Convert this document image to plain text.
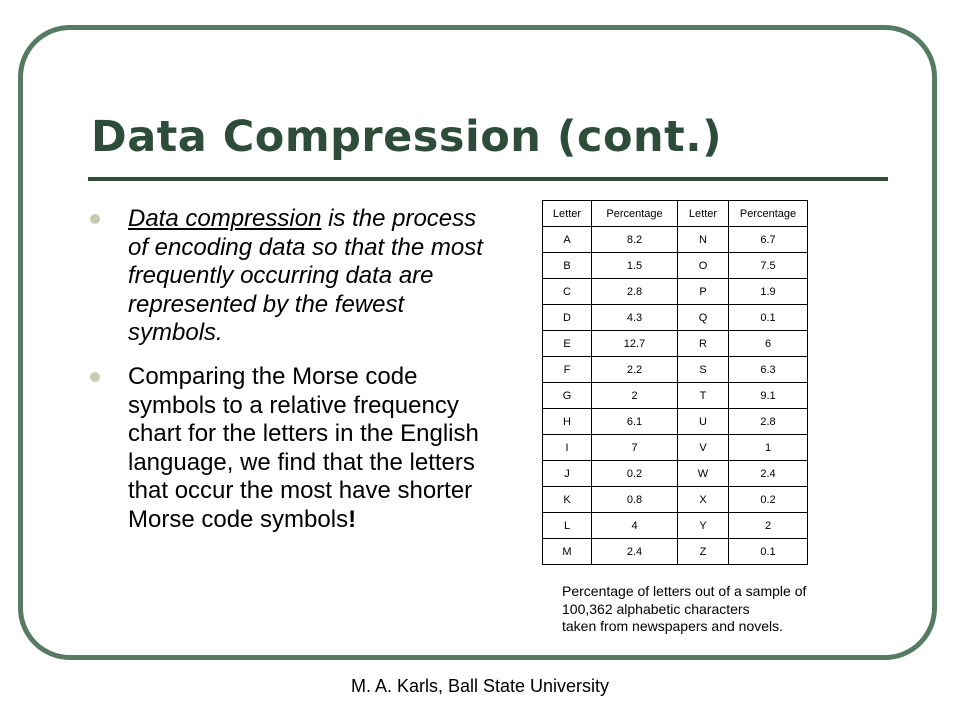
Data Compression (cont.)
Data compression is the process of encoding data so that the most frequently occurring data are represented by the fewest symbols.
Comparing the Morse code symbols to a relative frequency chart for the letters in the English language, we find that the letters that occur the most have shorter Morse code symbols!
Letter	Percentage	Letter	Percentage
A	8.2	N	6.7
B	1.5	O	7.5
C	2.8	P	1.9
D	4.3	Q	0.1
E	12.7	R	6
F	2.2	S	6.3
G	2	T	9.1
H	6.1	U	2.8
I	7	V	1
J	0.2	W	2.4
K	0.8	X	0.2
L	4	Y	2
M	2.4	Z	0.1

Percentage of letters out of a sample of
100,362 alphabetic characters
taken from newspapers and novels.

M. A. Karls, Ball State University
